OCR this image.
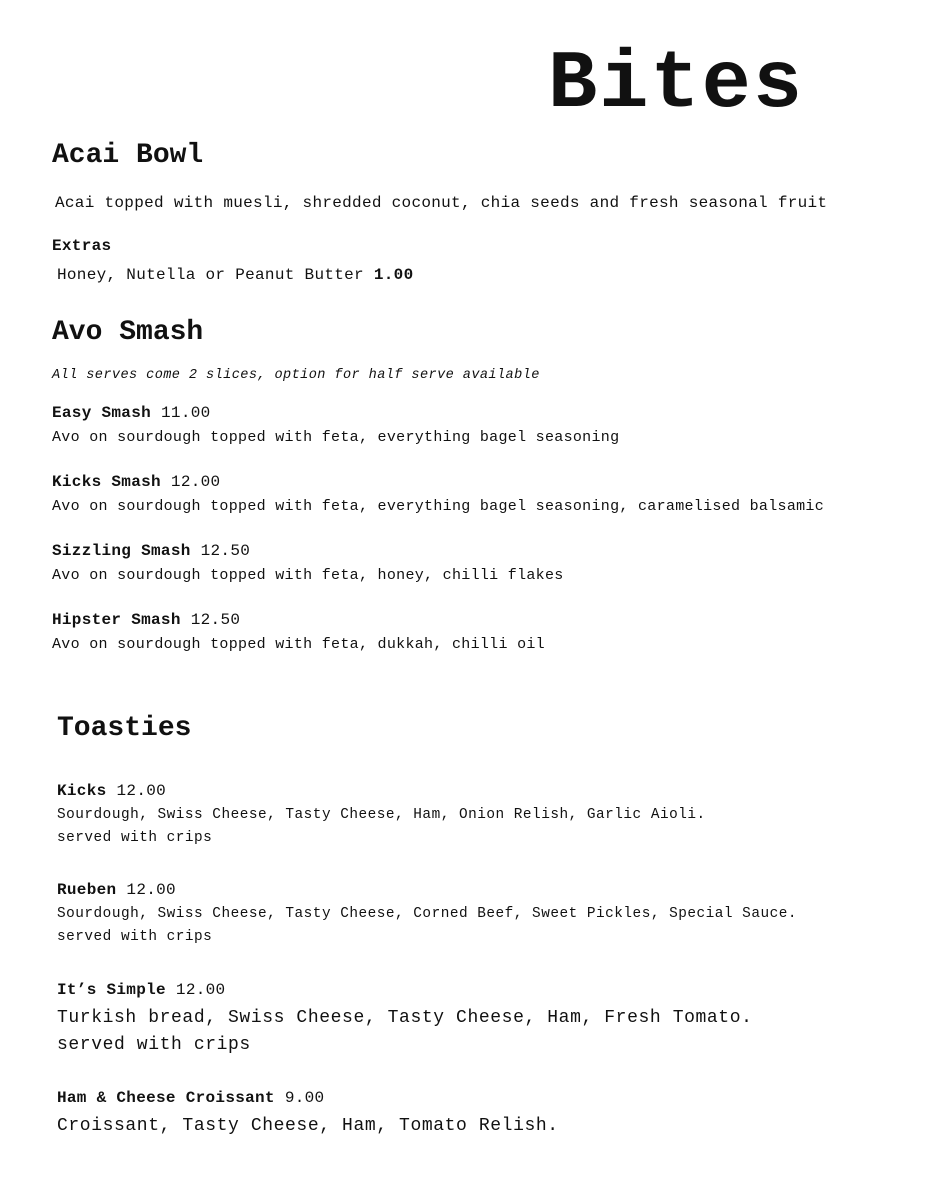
Bites
Acai Bowl

Acai topped with muesli, shredded coconut, chia seeds and fresh seasonal fruit

Extras

Honey, Nutella or Peanut Butter 1.00

Avo Smash

All serves come 2 slices, option for half serve available

Easy Smash 11.00

Avo on sourdough topped with feta, everything bagel seasoning

Kicks Smash 12.00

Avo on sourdough topped with feta, everything bagel seasoning, caramelised balsamic

Sizzling Smash 12.50

Avo on sourdough topped with feta, honey, chilli flakes

Hipster Smash 12.50

Avo on sourdough topped with feta, dukkah, chilli oil

Toasties

Kicks 12.00

Sourdough, Swiss Cheese, Tasty Cheese, Ham, Onion Relish, Garlic Aioli.

served with crips

Rueben 12.00

Sourdough, Swiss Cheese, Tasty Cheese, Corned Beef, Sweet Pickles, Special Sauce.

served with crips

It’s Simple 12.00

Turkish bread, Swiss Cheese, Tasty Cheese, Ham, Fresh Tomato.

served with crips

Ham & Cheese Croissant 9.00

Croissant, Tasty Cheese, Ham, Tomato Relish.
